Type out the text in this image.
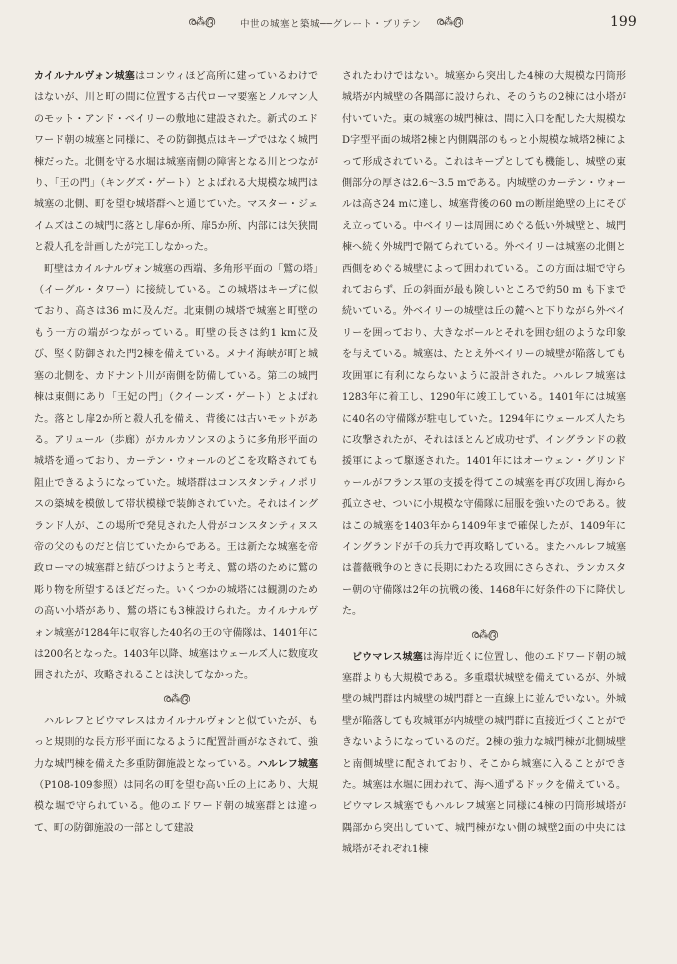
ര⁂൫	中世の城塞と築城──グレート・ブリテン ര⁂൫	199

カイルナルヴォン城塞はコンウィほど高所に建っているわけではないが、川と町の間に位置する古代ローマ要塞とノルマン人のモット・アンド・ベイリーの敷地に建設された。新式のエドワード朝の城塞と同様に、その防御拠点はキープではなく城門棟だった。北側を守る水堀は城塞南側の障害となる川とつながり、「王の門」（キングズ・ゲート）とよばれる大規模な城門は城塞の北側、町を望む城塔群へと通じていた。マスター・ジェイムズはこの城門に落とし扉6か所、扉5か所、内部には矢狭間と殺人孔を計画したが完工しなかった。

町壁はカイルナルヴォン城塞の西端、多角形平面の「鷲の塔」（イーグル・タワー）に接続している。この城塔はキープに似ており、高さは36 mに及んだ。北東側の城塔で城塞と町壁のもう一方の端がつながっている。町壁の長さは約1 kmに及び、堅く防御された門2棟を備えている。メナイ海峡が町と城塞の北側を、カドナント川が南側を防備している。第二の城門棟は東側にあり「王妃の門」（クイーンズ・ゲート）とよばれた。落とし扉2か所と殺人孔を備え、背後には古いモットがある。アリュール（歩廊）がカルカソンヌのように多角形平面の城塔を通っており、カーテン・ウォールのどこを攻略されても阻止できるようになっていた。城塔群はコンスタンティノポリスの築城を模倣して帯状模様で装飾されていた。それはイングランド人が、この場所で発見された人骨がコンスタンティヌス帝の父のものだと信じていたからである。王は新たな城塞を帝政ローマの城塞群と結びつけようと考え、鷲の塔のために鷲の彫り物を所望するほどだった。いくつかの城塔には観測のための高い小塔があり、鷲の塔にも3棟設けられた。カイルナルヴォン城塞が1284年に収容した40名の王の守備隊は、1401年には200名となった。1403年以降、城塞はウェールズ人に数度攻囲されたが、攻略されることは決してなかった。

ര⁂൫

ハルレフとビウマレスはカイルナルヴォンと似ていたが、もっと規則的な長方形平面になるように配置計画がなされて、強力な城門棟を備えた多重防御施設となっている。ハルレフ城塞（P108-109参照）は同名の町を望む高い丘の上にあり、大規模な堀で守られている。他のエドワード朝の城塞群とは違って、町の防御施設の一部として建設

されたわけではない。城塞から突出した4棟の大規模な円筒形城塔が内城壁の各隅部に設けられ、そのうちの2棟には小塔が付いていた。東の城塞の城門棟は、間に入口を配した大規模なD字型平面の城塔2棟と内側隅部のもっと小規模な城塔2棟によって形成されている。これはキープとしても機能し、城壁の東側部分の厚さは2.6～3.5 mである。内城壁のカーテン・ウォールは高さ24 mに達し、城塞背後の60 mの断崖絶壁の上にそびえ立っている。中ベイリーは周囲にめぐる低い外城壁と、城門棟へ続く外城門で隔てられている。外ベイリーは城塞の北側と西側をめぐる城壁によって囲われている。この方面は堀で守られておらず、丘の斜面が最も険しいところで約50 m も下まで続いている。外ベイリーの城壁は丘の麓へと下りながら外ベイリーを囲っており、大きなボールとそれを囲む紐のような印象を与えている。城塞は、たとえ外ベイリーの城壁が陥落しても攻囲軍に有利にならないように設計された。ハルレフ城塞は1283年に着工し、1290年に竣工している。1401年には城塞に40名の守備隊が駐屯していた。1294年にウェールズ人たちに攻撃されたが、それはほとんど成功せず、イングランドの救援軍によって駆逐された。1401年にはオーウェン・グリンドゥールがフランス軍の支援を得てこの城塞を再び攻囲し海から孤立させ、ついに小規模な守備隊に屈服を強いたのである。彼はこの城塞を1403年から1409年まで確保したが、1409年にイングランドが千の兵力で再攻略している。またハルレフ城塞は薔薇戦争のときに長期にわたる攻囲にさらされ、ランカスター朝の守備隊は2年の抗戦の後、1468年に好条件の下に降伏した。

ര⁂൫

ビウマレス城塞は海岸近くに位置し、他のエドワード朝の城塞群よりも大規模である。多重環状城壁を備えているが、外城壁の城門群は内城壁の城門群と一直線上に並んでいない。外城壁が陥落しても攻城軍が内城壁の城門群に直接近づくことができないようになっているのだ。2棟の強力な城門棟が北側城壁と南側城壁に配されており、そこから城塞に入ることができた。城塞は水堀に囲われて、海へ通ずるドックを備えている。ビウマレス城塞でもハルレフ城塞と同様に4棟の円筒形城塔が隅部から突出していて、城門棟がない側の城壁2面の中央には城塔がそれぞれ1棟
